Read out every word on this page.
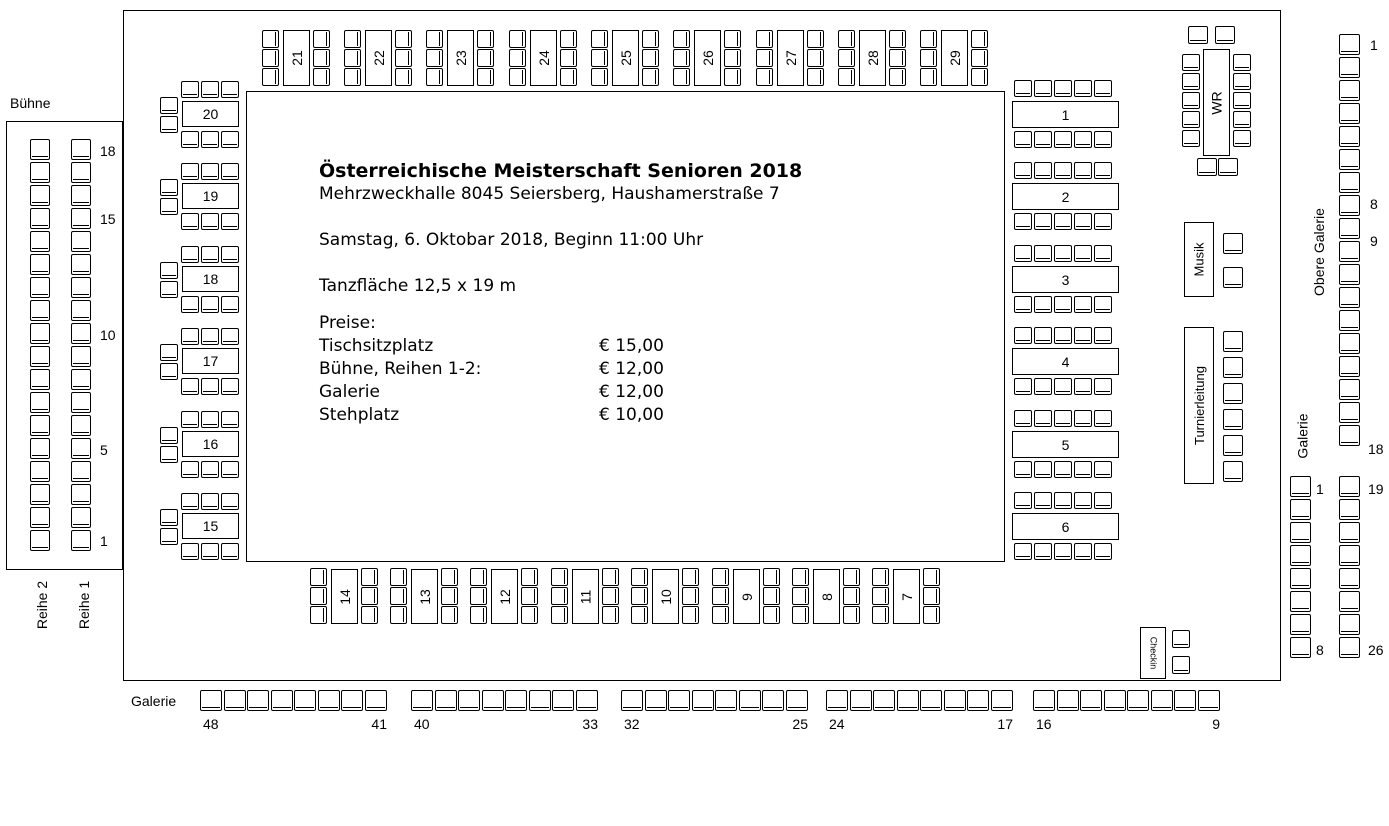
Österreichische Meisterschaft Senioren 2018
Mehrzweckhalle 8045 Seiersberg, Haushamerstraße 7
Samstag, 6. Oktobar 2018, Beginn 11:00 Uhr
Tanzfläche 12,5 x 19 m
Preise:
Tischsitzplatz	€ 15,00
Bühne, Reihen 1-2:	€ 12,00
Galerie	€ 12,00
Stehplatz	€ 10,00
Bühne
Reihe 2 Reihe 1
Galerie
Galerie
Obere Galerie
WR
Musik
Turnierleitung
Checkin
21	22	23	24	25	26	27	28	29
20
19
18
17
16
15
1
2
3
4
5
6
14	13	12	11	10	9	8	7
18
15
10
5
1
48	41 40	33 32	25 24	17 16	9
1
8
9
18
19
26
1
8
